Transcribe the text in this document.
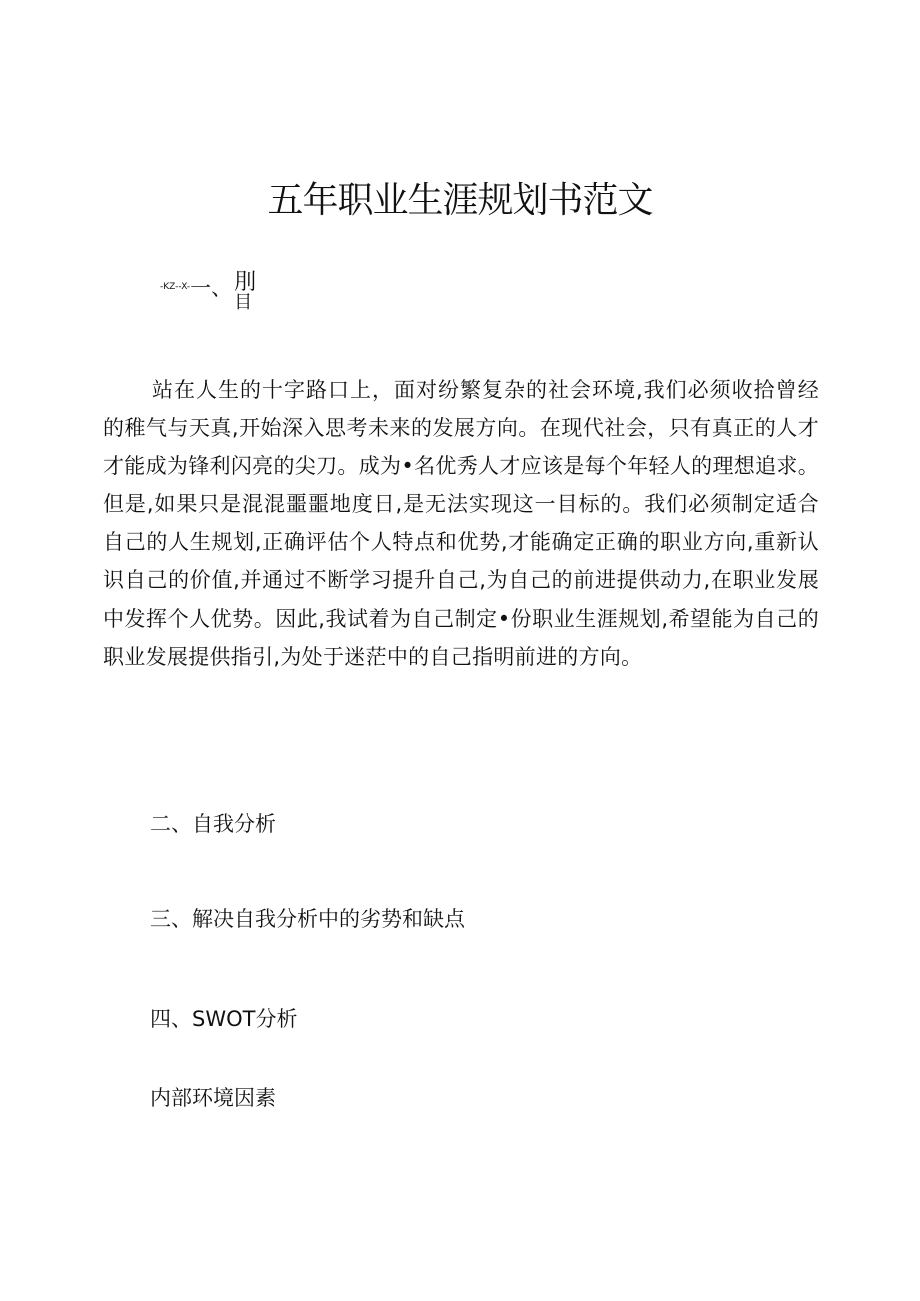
五年职业生涯规划书范文
$^{-KZ--X-}$一、 刖
目

站在人生的十字路口上，面对纷繁复杂的社会环境,我们必须收拾曾经的稚气与天真,开始深入思考未来的发展方向。在现代社会，只有真正的人才才能成为锋利闪亮的尖刀。成为•名优秀人才应该是每个年轻人的理想追求。但是,如果只是混混噩噩地度日,是无法实现这一目标的。我们必须制定适合自己的人生规划,正确评估个人特点和优势,才能确定正确的职业方向,重新认识自己的价值,并通过不断学习提升自己,为自己的前进提供动力,在职业发展中发挥个人优势。因此,我试着为自己制定•份职业生涯规划,希望能为自己的职业发展提供指引,为处于迷茫中的自己指明前进的方向。

二、自我分析

三、解决自我分析中的劣势和缺点

四、SWOT分析

内部环境因素
